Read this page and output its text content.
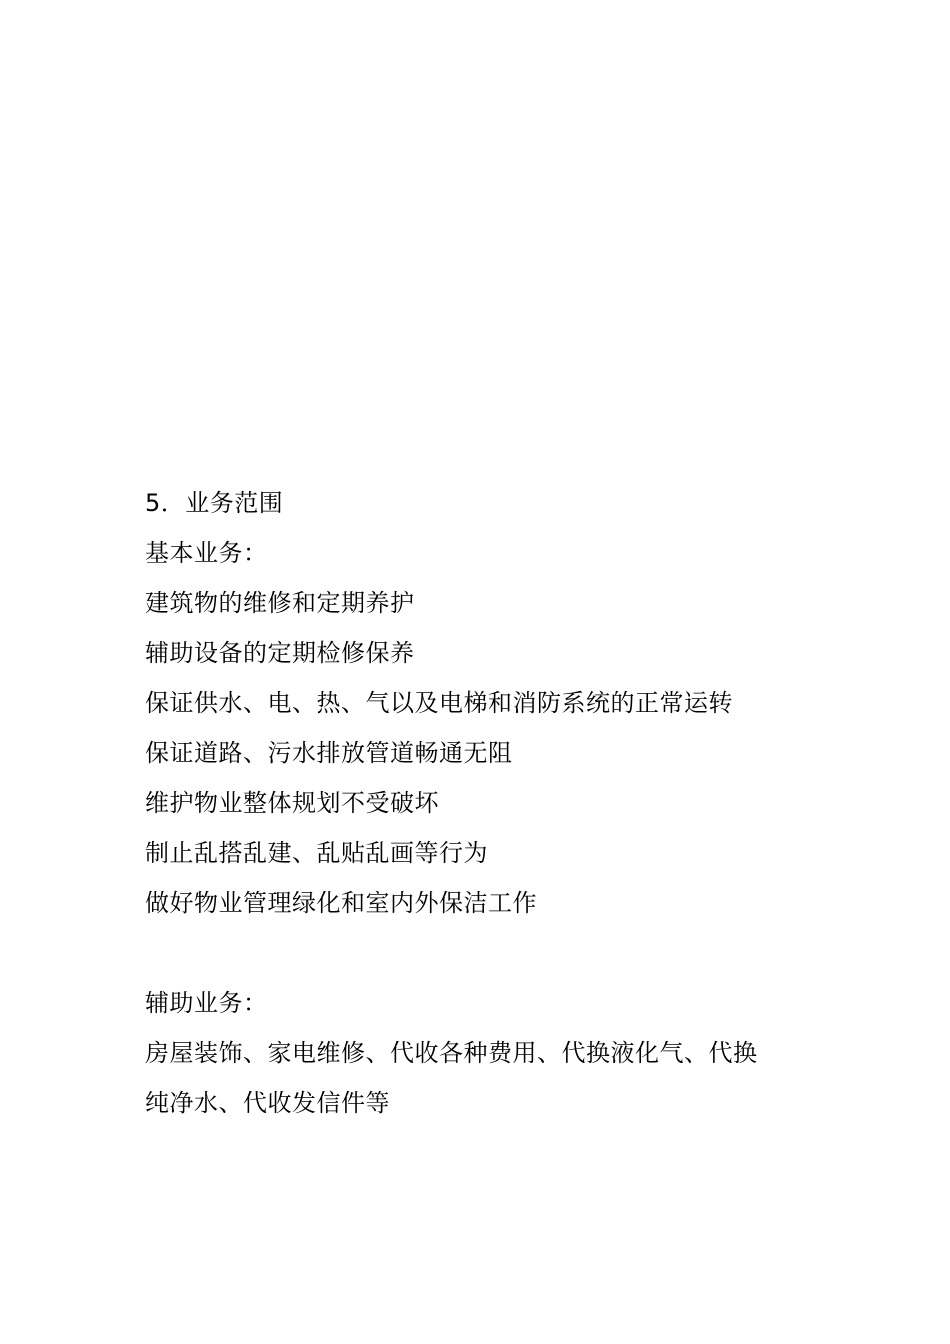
5．业务范围
基本业务：
建筑物的维修和定期养护
辅助设备的定期检修保养
保证供水、电、热、气以及电梯和消防系统的正常运转
保证道路、污水排放管道畅通无阻
维护物业整体规划不受破坏
制止乱搭乱建、乱贴乱画等行为
做好物业管理绿化和室内外保洁工作
辅助业务：
房屋装饰、家电维修、代收各种费用、代换液化气、代换
纯净水、代收发信件等
